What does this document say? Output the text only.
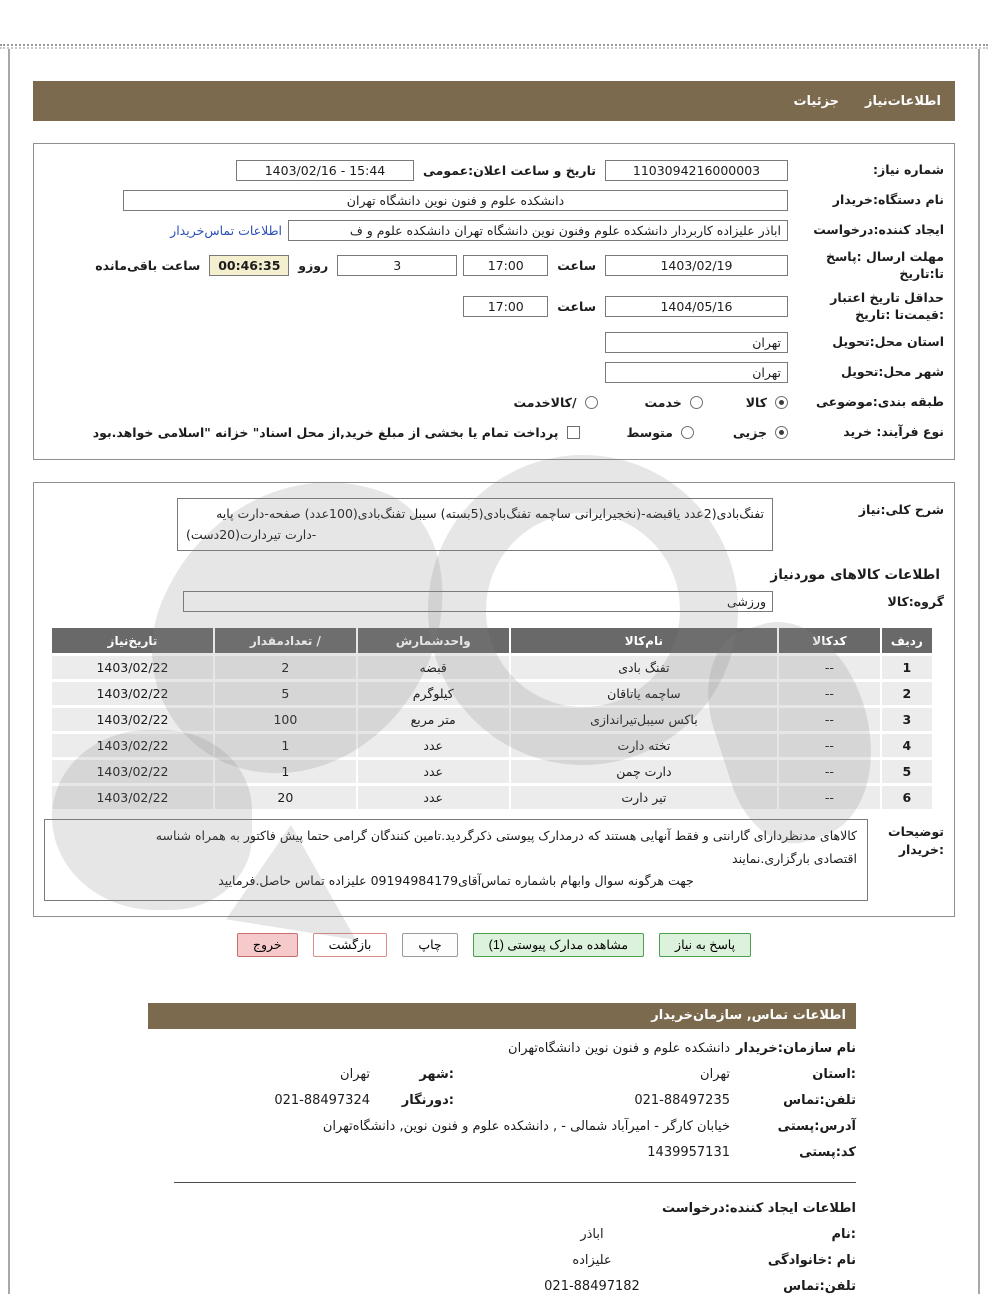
اطلاعات‌نیاز
جزئیات
شماره نیاز:
1103094216000003
تاریخ و ساعت اعلان:عمومی
15:44 - 1403/02/16
نام دستگاه:خریدار
دانشکده علوم و فنون نوین دانشگاه تهران
ایجاد کننده:درخواست
اباذر علیزاده کاربردار دانشکده علوم وفنون نوین دانشگاه تهران دانشکده علوم و ف
اطلاعات تماس‌خریدار
مهلت ارسال :پاسخ تا:تاریخ
1403/02/19
ساعت
17:00
3
روزو
00:46:35
ساعت باقی‌مانده
حداقل تاریخ اعتبار :قیمت‌تا :تاریخ
1404/05/16
ساعت
17:00
استان محل:تحویل
تهران
شهر محل:تحویل
تهران
طبقه بندی:موضوعی
کالا
خدمت
/کالاخدمت
نوع فرآیند: خرید
جزیی
متوسط
پرداخت تمام یا بخشی از مبلغ خرید,از محل اسناد" خزانه "اسلامی خواهد.بود
شرح کلی:نیاز
تفنگ‌بادی(2عدد یاقبضه-(نخجیرایرانی ساچمه تفنگ‌بادی(5بسته) سیبل تفنگ‌بادی(100عدد) صفحه-دارت پایه
-دارت تیردارت(20دست)
اطلاعات کالاهای موردنیاز
گروه:کالا
ورزشی
ردیف	کدکالا	نام‌کالا	واحدشمارش	/ تعدادمقدار	تاریخ‌نیاز
1	--	تفنگ بادی	قبضه	2	1403/02/22
2	--	ساچمه یاتاقان	کیلوگرم	5	1403/02/22
3	--	باکس سیبل‌تیراندازی	متر مربع	100	1403/02/22
4	--	تخته دارت	عدد	1	1403/02/22
5	--	دارت چمن	عدد	1	1403/02/22
6	--	تیر دارت	عدد	20	1403/02/22
توضیحات :خریدار
کالاهای مدنظردارای گارانتی و فقط آنهایی هستند که درمدارک پیوستی ذکرگردید.تامین کنندگان گرامی حتما پیش فاکتور به همراه شناسه
اقتصادی بارگزاری.نمایند
جهت هرگونه سوال وابهام باشماره تماس‌آقای09194984179 علیزاده تماس حاصل.فرمایید
پاسخ به نیاز
مشاهده مدارک پیوستی (1)
چاپ
بازگشت
خروج
اطلاعات تماس, سازمان‌خریدار
نام سازمان:خریدار
دانشکده علوم و فنون نوین دانشگاه‌تهران
:استان
تهران
:شهر
تهران
تلفن:تماس
021-88497235
:دورنگار
021-88497324
آدرس:پستی
خیابان کارگر - امیرآباد شمالی - , دانشکده علوم و فنون نوین, دانشگاه‌تهران
کد:پستی
1439957131
اطلاعات ایجاد کننده:درخواست
:نام
اباذر
نام :خانوادگی
علیزاده
تلفن:تماس
021-88497182
